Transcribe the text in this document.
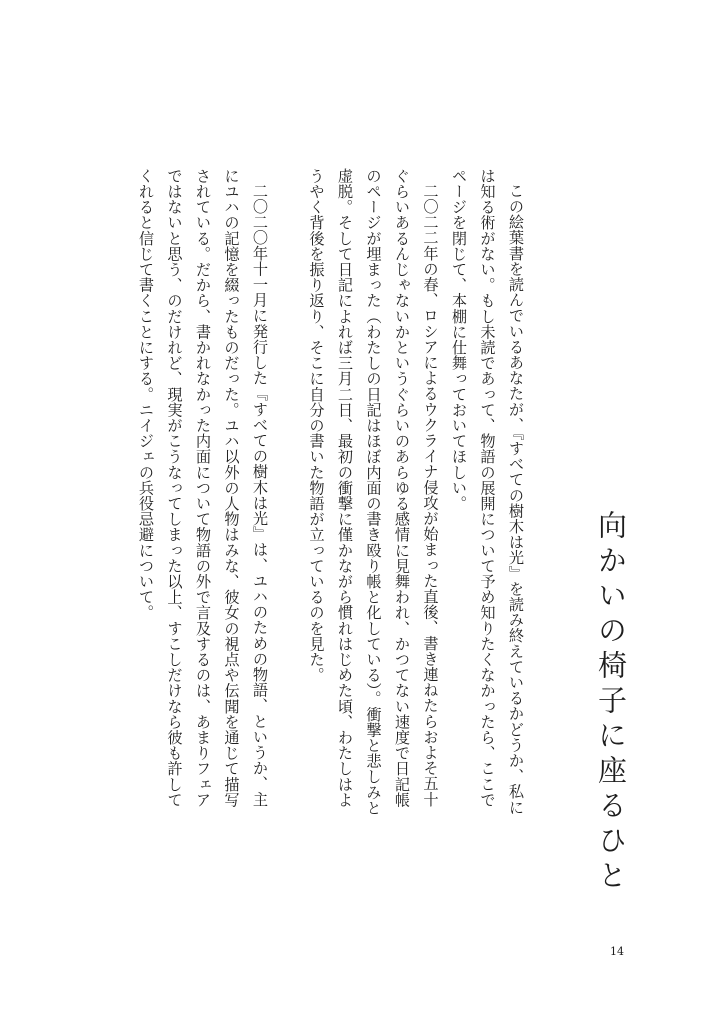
向かいの椅子に座るひと

この絵葉書を読んでいるあなたが、『すべての樹木は光』を読み終えているかどうか、私には知る術がない。もし未読であって、物語の展開について予め知りたくなかったら、ここでページを閉じて、本棚に仕舞っておいてほしい。

二〇二二年の春、ロシアによるウクライナ侵攻が始まった直後、書き連ねたらおよそ五十ぐらいあるんじゃないかというぐらいのあらゆる感情に見舞われ、かつてない速度で日記帳のページが埋まった（わたしの日記はほぼ内面の書き殴り帳と化している）。衝撃と悲しみと虚脱。そして日記によれば三月二日、最初の衝撃に僅かながら慣れはじめた頃、わたしはようやく背後を振り返り、そこに自分の書いた物語が立っているのを見た。

二〇二〇年十一月に発行した『すべての樹木は光』は、ユハのための物語、というか、主にユハの記憶を綴ったものだった。ユハ以外の人物はみな、彼女の視点や伝聞を通じて描写されている。だから、書かれなかった内面について物語の外で言及するのは、あまりフェアではないと思う、のだけれど、現実がこうなってしまった以上、すこしだけなら彼も許してくれると信じて書くことにする。ニイジェの兵役忌避について。

14
